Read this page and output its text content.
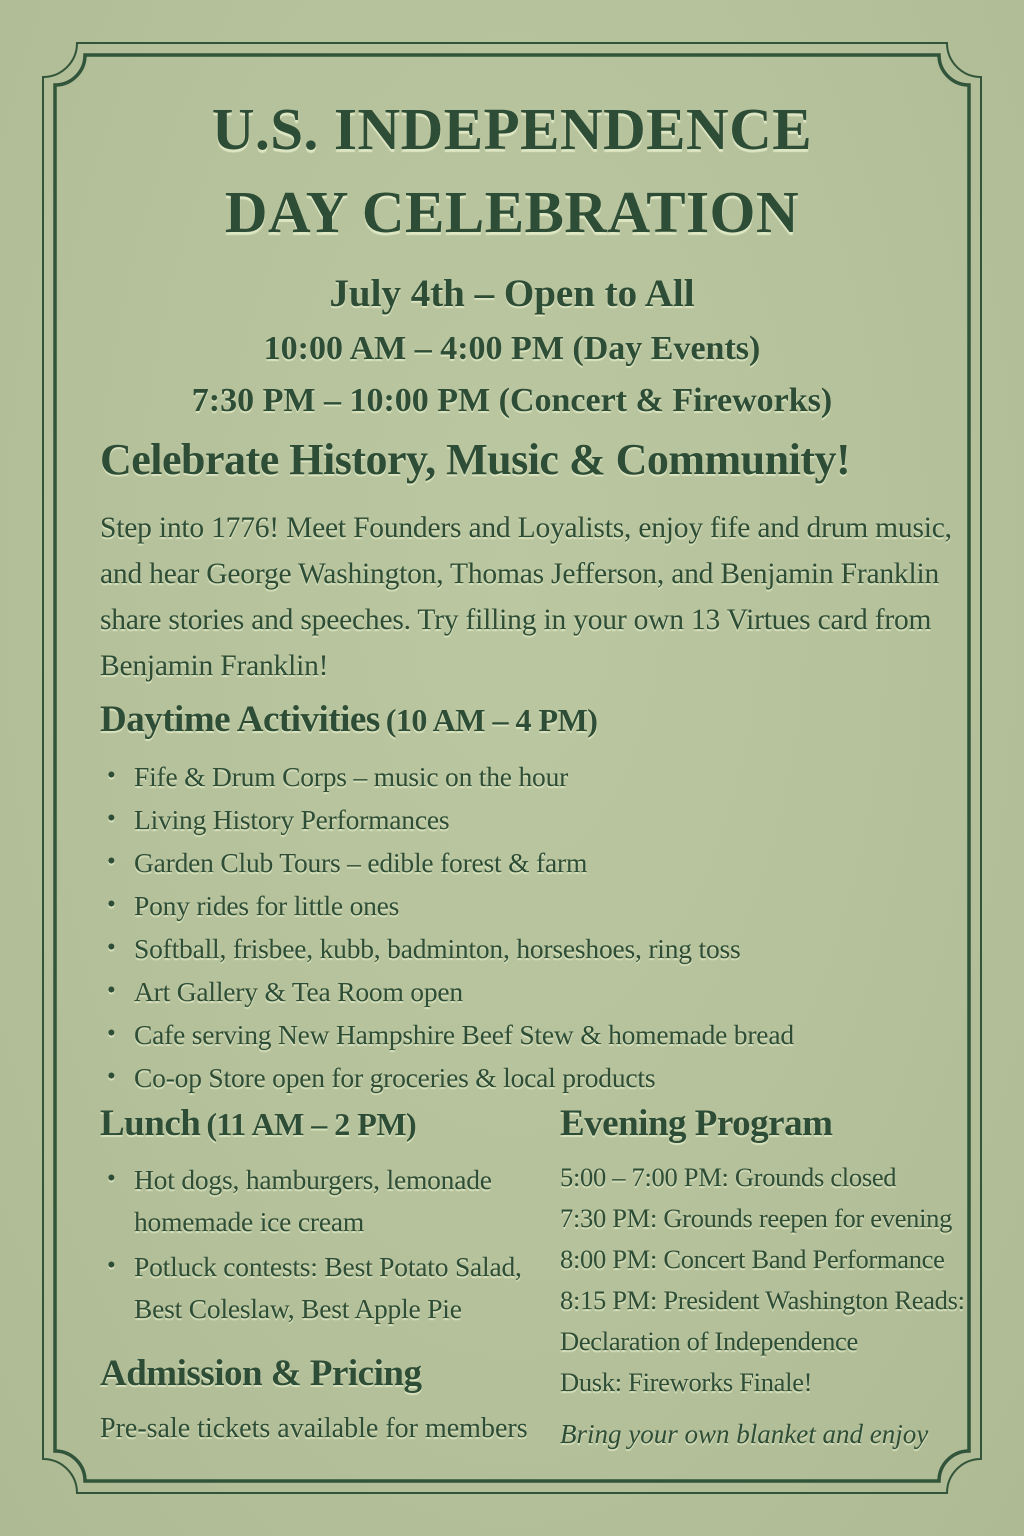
U.S. INDEPENDENCE
DAY CELEBRATION
July 4th – Open to All
10:00 AM – 4:00 PM (Day Events)
7:30 PM – 10:00 PM (Concert & Fireworks)
Celebrate History, Music & Community!

Step into 1776! Meet Founders and Loyalists, enjoy fife and drum music, and hear George Washington, Thomas Jefferson, and Benjamin Franklin share stories and speeches. Try filling in your own 13 Virtues card from Benjamin Franklin!

Daytime Activities (10 AM – 4 PM)
• Fife & Drum Corps – music on the hour
• Living History Performances
• Garden Club Tours – edible forest & farm
• Pony rides for little ones
• Softball, frisbee, kubb, badminton, horseshoes, ring toss
• Art Gallery & Tea Room open
• Cafe serving New Hampshire Beef Stew & homemade bread
• Co-op Store open for groceries & local products
Lunch (11 AM – 2 PM)
• Hot dogs, hamburgers, lemonade homemade ice cream
• Potluck contests: Best Potato Salad, Best Coleslaw, Best Apple Pie
Admission & Pricing

Pre-sale tickets available for members

Evening Program
5:00 – 7:00 PM: Grounds closed
7:30 PM: Grounds reepen for evening
8:00 PM: Concert Band Performance
8:15 PM: President Washington Reads: Declaration of Independence
Dusk: Fireworks Finale!

Bring your own blanket and enjoy
